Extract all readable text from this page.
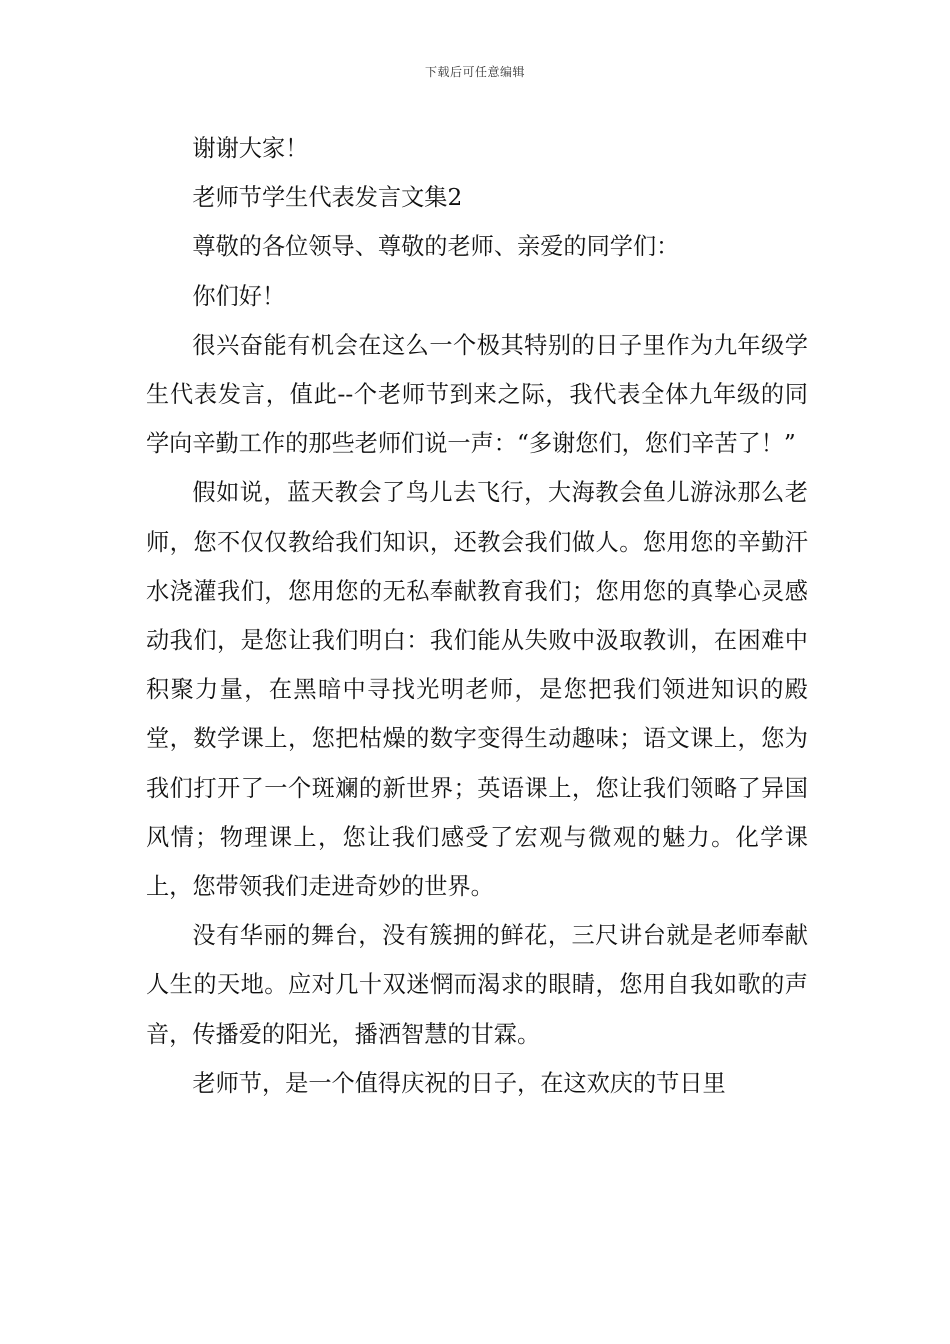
下载后可任意编辑

谢谢大家！

老师节学生代表发言文集2

尊敬的各位领导、尊敬的老师、亲爱的同学们：

你们好！

很兴奋能有机会在这么一个极其特别的日子里作为九年级学生代表发言，值此--个老师节到来之际，我代表全体九年级的同学向辛勤工作的那些老师们说一声：“多谢您们，您们辛苦了！”

假如说，蓝天教会了鸟儿去飞行，大海教会鱼儿游泳那么老师，您不仅仅教给我们知识，还教会我们做人。您用您的辛勤汗水浇灌我们，您用您的无私奉献教育我们；您用您的真挚心灵感动我们，是您让我们明白：我们能从失败中汲取教训，在困难中积聚力量，在黑暗中寻找光明老师，是您把我们领进知识的殿堂，数学课上，您把枯燥的数字变得生动趣味；语文课上，您为我们打开了一个斑斓的新世界；英语课上，您让我们领略了异国风情；物理课上，您让我们感受了宏观与微观的魅力。化学课上，您带领我们走进奇妙的世界。

没有华丽的舞台，没有簇拥的鲜花，三尺讲台就是老师奉献人生的天地。应对几十双迷惘而渴求的眼睛，您用自我如歌的声音，传播爱的阳光，播洒智慧的甘霖。

老师节，是一个值得庆祝的日子，在这欢庆的节日里
